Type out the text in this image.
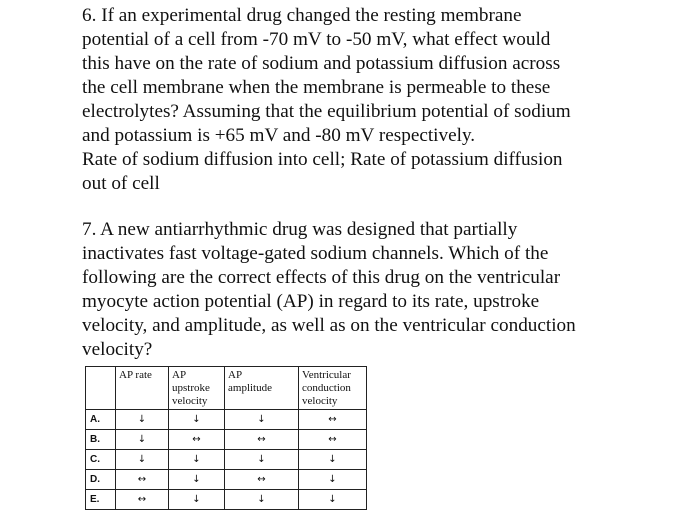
6. If an experimental drug changed the resting membrane
potential of a cell from -70 mV to -50 mV, what effect would
this have on the rate of sodium and potassium diffusion across
the cell membrane when the membrane is permeable to these
electrolytes? Assuming that the equilibrium potential of sodium
and potassium is +65 mV and -80 mV respectively.
Rate of sodium diffusion into cell; Rate of potassium diffusion
out of cell
7. A new antiarrhythmic drug was designed that partially
inactivates fast voltage-gated sodium channels. Which of the
following are the correct effects of this drug on the ventricular
myocyte action potential (AP) in regard to its rate, upstroke
velocity, and amplitude, as well as on the ventricular conduction
velocity?

	AP rate	AP
upstroke
velocity	AP
amplitude	Ventricular
conduction
velocity

A.	↓	↓	↓	↔
B.	↓	↔	↔	↔
C.	↓	↓	↓	↓
D.	↔	↓	↔	↓
E.	↔	↓	↓	↓
